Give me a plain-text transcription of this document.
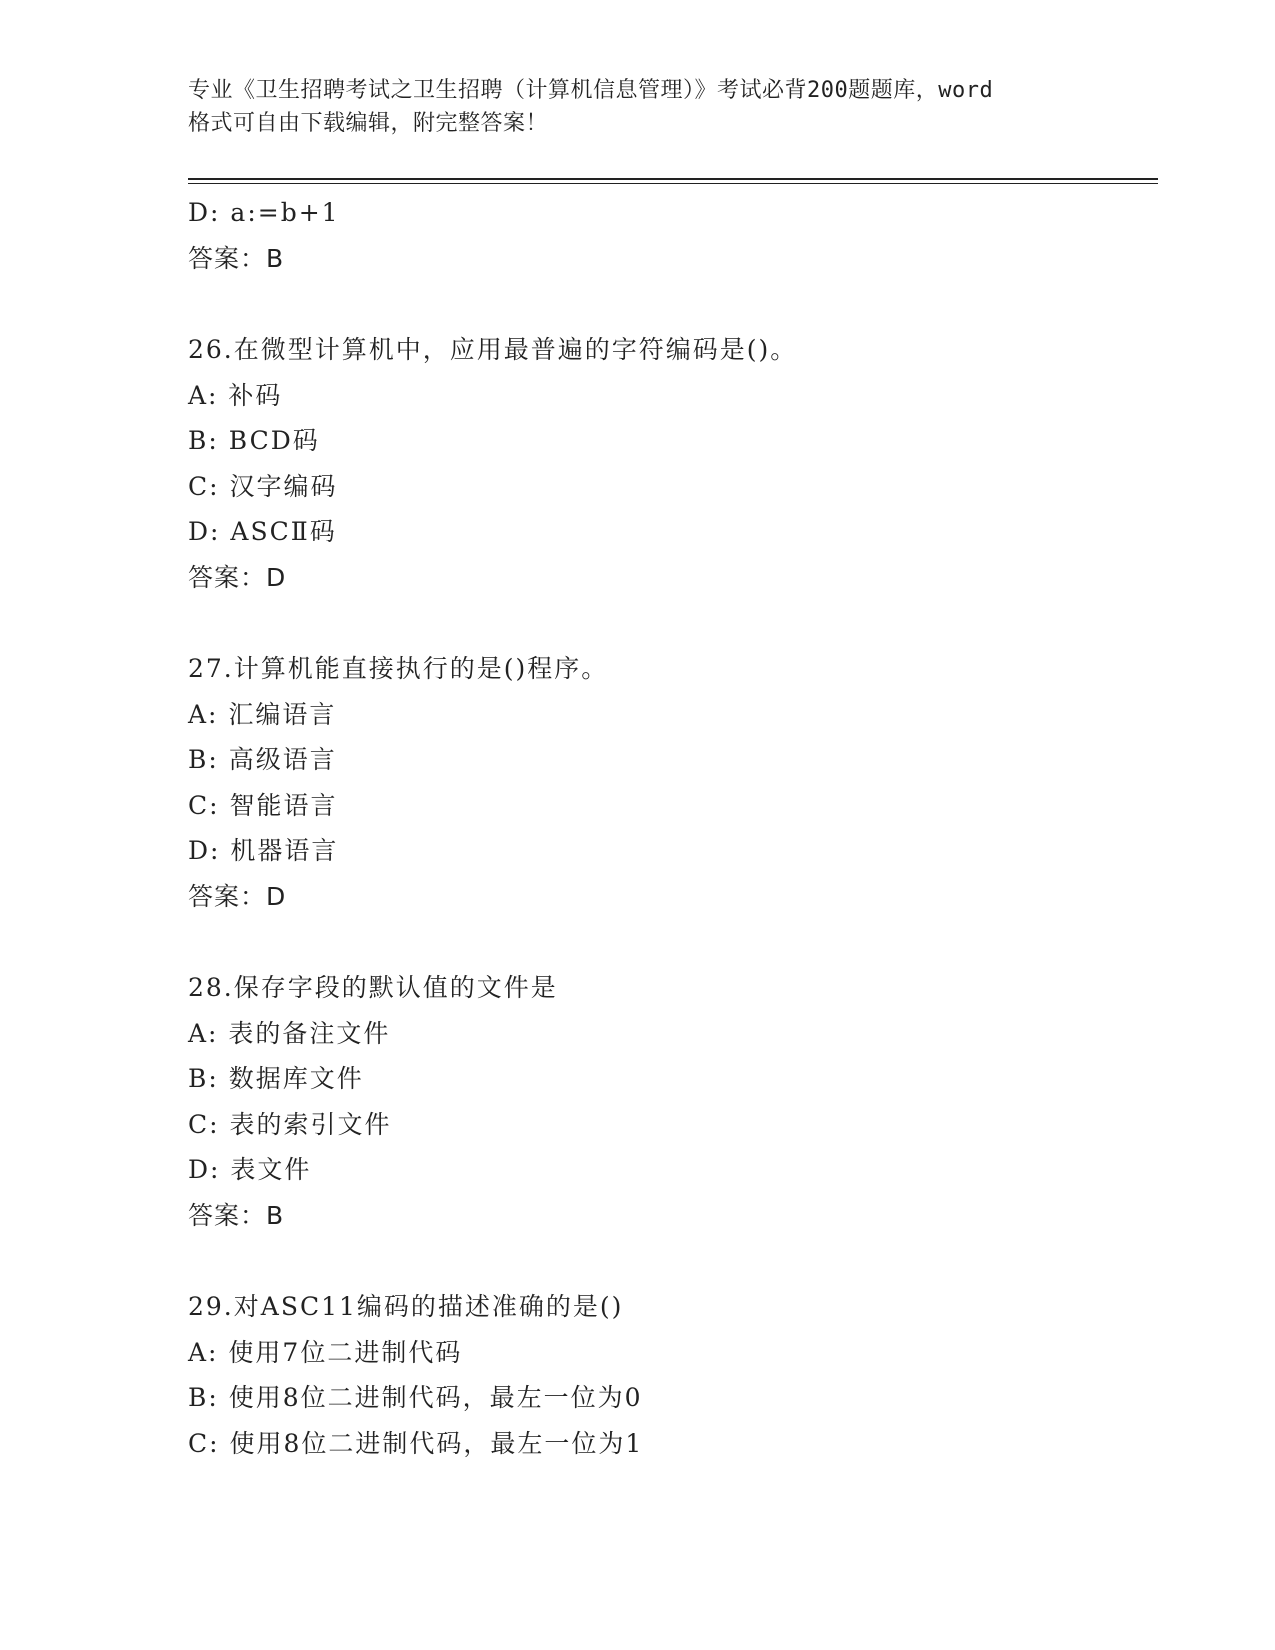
专业《卫生招聘考试之卫生招聘（计算机信息管理）》考试必背200题题库，word
格式可自由下载编辑，附完整答案！
D: a:=b+1
答案：B
26.在微型计算机中，应用最普遍的字符编码是()。
A: 补码
B: BCD码
C: 汉字编码
D: ASCⅡ码
答案：D
27.计算机能直接执行的是()程序。
A: 汇编语言
B: 高级语言
C: 智能语言
D: 机器语言
答案：D
28.保存字段的默认值的文件是
A: 表的备注文件
B: 数据库文件
C: 表的索引文件
D: 表文件
答案：B
29.对ASC11编码的描述准确的是()
A: 使用7位二进制代码
B: 使用8位二进制代码，最左一位为0
C: 使用8位二进制代码，最左一位为1
